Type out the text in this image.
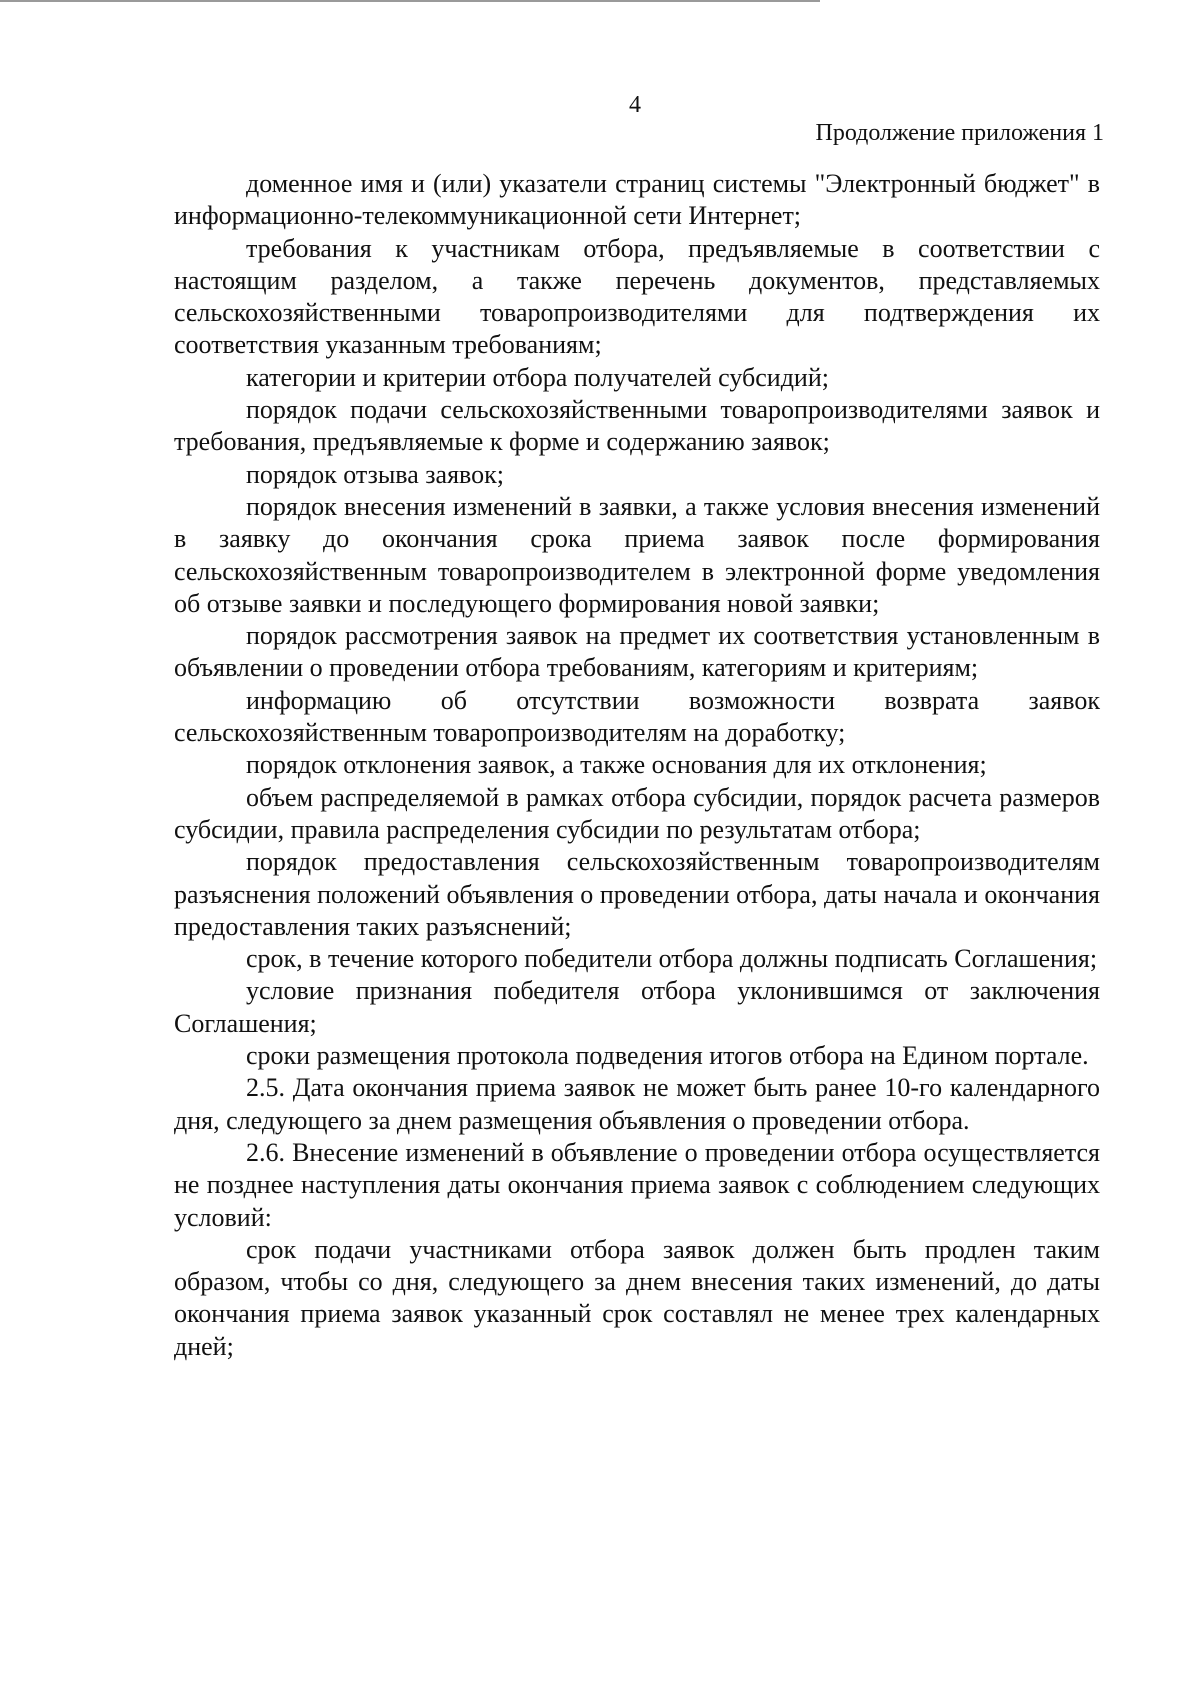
4
Продолжение приложения 1

доменное имя и (или) указатели страниц системы "Электронный бюджет" в информационно-телекоммуникационной сети Интернет;

требования к участникам отбора, предъявляемые в соответствии с настоящим разделом, а также перечень документов, представляемых сельскохозяйственными товаропроизводителями для подтверждения их соответствия указанным требованиям;

категории и критерии отбора получателей субсидий;

порядок подачи сельскохозяйственными товаропроизводителями заявок и требования, предъявляемые к форме и содержанию заявок;

порядок отзыва заявок;

порядок внесения изменений в заявки, а также условия внесения изменений в заявку до окончания срока приема заявок после формирования сельскохозяйственным товаропроизводителем в электронной форме уведомления об отзыве заявки и последующего формирования новой заявки;

порядок рассмотрения заявок на предмет их соответствия установленным в объявлении о проведении отбора требованиям, категориям и критериям;

информацию об отсутствии возможности возврата заявок сельскохозяйственным товаропроизводителям на доработку;

порядок отклонения заявок, а также основания для их отклонения;

объем распределяемой в рамках отбора субсидии, порядок расчета размеров субсидии, правила распределения субсидии по результатам отбора;

порядок предоставления сельскохозяйственным товаропроизводителям разъяснения положений объявления о проведении отбора, даты начала и окончания предоставления таких разъяснений;

срок, в течение которого победители отбора должны подписать Соглашения;

условие признания победителя отбора уклонившимся от заключения Соглашения;

сроки размещения протокола подведения итогов отбора на Едином портале.

2.5. Дата окончания приема заявок не может быть ранее 10-го календарного дня, следующего за днем размещения объявления о проведении отбора.

2.6. Внесение изменений в объявление о проведении отбора осуществляется не позднее наступления даты окончания приема заявок с соблюдением следующих условий:

срок подачи участниками отбора заявок должен быть продлен таким образом, чтобы со дня, следующего за днем внесения таких изменений, до даты окончания приема заявок указанный срок составлял не менее трех календарных дней;
